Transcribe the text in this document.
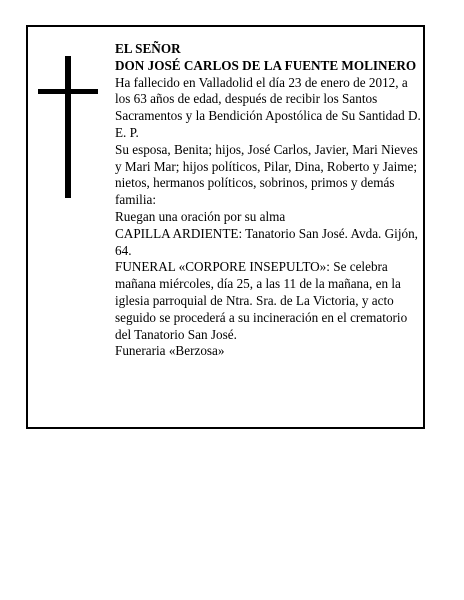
EL SEÑOR
DON JOSÉ CARLOS DE LA FUENTE MOLINERO
Ha fallecido en Valladolid el día 23 de enero de 2012, a los 63 años de edad, después de recibir los Santos Sacramentos y la Bendición Apostólica de Su Santidad D. E. P.
Su esposa, Benita; hijos, José Carlos, Javier, Mari Nieves y Mari Mar; hijos políticos, Pilar, Dina, Roberto y Jaime; nietos, hermanos políticos, sobrinos, primos y demás familia:
Ruegan una oración por su alma
CAPILLA ARDIENTE: Tanatorio San José. Avda. Gijón, 64.
FUNERAL «CORPORE INSEPULTO»: Se celebra mañana miércoles, día 25, a las 11 de la mañana, en la iglesia parroquial de Ntra. Sra. de La Victoria, y acto seguido se procederá a su incineración en el crematorio del Tanatorio San José.
Funeraria «Berzosa»
